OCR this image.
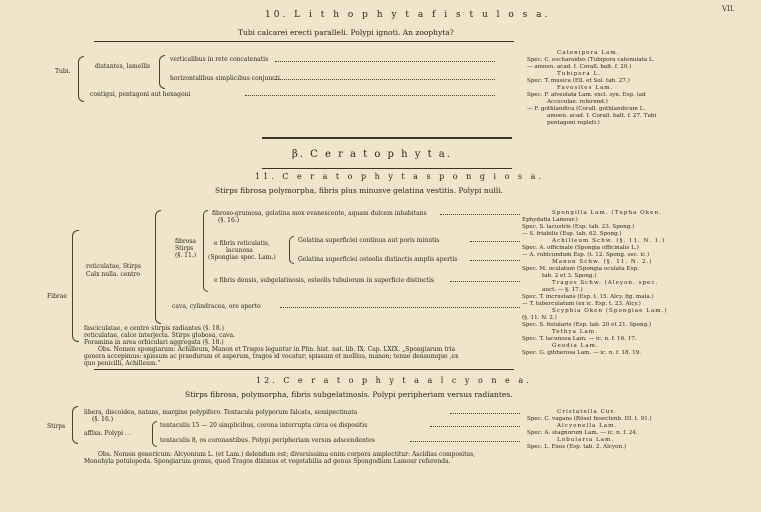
VII.
10. L i t h o p h y t a f i s t u l o s a.
Tubi calcarei erecti paralleli. Polypi ignoti. An zoophyta?
Tubi.
distantes, lamellis
verticalibus in rete concatenatis
horizontalibus simplicibus conjuncti
contigui, pentagoni aut hexagoni
Catenipora Lam.
Spec. C. escharoides (Tubipora catenulata L.
— amoen. acad. I. Corall. balt. f. 20.)
Tubipora L.
Spec. T. musica (Ell. et Sol. tab. 27.)
Favosites Lam.
Spec. F. alveolata Lam. excl. syn. Esp. (ad
Acceculae. referend.)
— F. gothlandica (Corall. gothlandicum L.
amoen. acad. I. Corall. balt. f. 27. Tubi
pentagoni repleti.)
β. C e r a t o p h y t a.
11. C e r a t o p h y t a s p o n g i o s a.
Stirps fibrosa polymorpha, fibris plus minusve gelatina vestitis. Polypi nulli.
Fibrae
reticulatae, Stirps
Calx nulla. centro
fibrosa
Stirps
(§. 11.)
fibroso-grumosa, gelatina mox evanescente, aquam dulcem inhabitans
(§. 16.)
e fibris reticulatis,
lacunosa
(Spongiae spec. Lam.)
Gelatina superficiei continua aut poris minutis
Gelatina superficiei osteolis distinctis amplis apertis
e fibris densis, subgelatinosis, osteolis tubulorum in superficie distinctis
cava, cylindracea, ore aperto
fasciculatae, e centro stirpis radiantes (§. 18.)
reticulatae, calce interjecta. Stirps globosa, cava.
Foramina in area orbiculari aggregata (§. 18.)
Obs. Nomen spongiarum: Achilleum, Manon et Tragos leguntur in Plin. hist. nat. lib. IX. Cap. LXIX. „Spongiarum tria
genera accepimus: spissum ac praedurum et asperum, tragos id vocatur; spissum et mollius, manon; tenue densumque ,ex
quo penicilli, Achilleum."
Spongilla Lam. (Tupha Oken.
Ephydatia Lamour.)
Spec. S. lacustris (Esp. tab. 23. Spong.)
— S. friabilis (Esp. tab. 62. Spong.)
Achilleum Schw. (§. 11. N. 1.)
Spec. A. officinale (Spongia officinalis L.)
— A. rubicundum Esp. (t. 12. Spong. sec. ic.)
Manon Schw. (§. 11. N. 2.)
Spec. M. oculatum (Spongia oculata Esp.
tab. 2 et 3. Spong.)
Tragos Schw. (Aleyon. spec.
auct. — §. 17.)
Spec. T. incrustans (Esp. t. 15. Alcy. fig. mala.)
— T. tuberculatum (ex ic. Esp. t. 23. Alcy.)
Scyphia Oken (Spongiae Lam.)
(§. 11. N. 2.)
Spec. S. fistularis (Esp. tab. 20 et 21. Spong.)
Tethya Lam.
Spec. T. lacunosa Lam. — ic. n. f. 16. 17.
Geodia Lam.
Spec. G. gibberosa Lam. — ic. n. f. 18. 19.
12. C e r a t o p h y t a a l c y o n e a.
Stirps fibrosa, polymorpha, fibris subgelatinosis. Polypi peripheriam versus radiantes.
Stirps
libera, discoidea, natans, margine polypifero. Tentacula polyporum falcata, semipectinata
(§. 16.)
affixa. Polypi . .
tentaculis 15 — 20 simplicibus, corona interrupta circa os dispositis
tentaculis 8, os coronantibus. Polypi peripheriam versus adscendentes
Obs. Nomen genericum: Alcyonium L. (et Lam.) delendum est; diversissima enim corpora amplectitur: Ascidias compositas,
Monohyla potulopoda. Spongiarum genus, quod Tragos diximus et vegetabilia ad genus Spongodium Lamour referenda.
Cristatella Cuv.
Spec. C. vagans (Rösel Insectenb. III. t. 91.)
Alcyonella Lam.
Spec. A. stagnorum Lam. — ic. n. f. 24.
Lobularia Lam.
Spec. L. Exos (Esp. tab. 2. Alcyon.)
